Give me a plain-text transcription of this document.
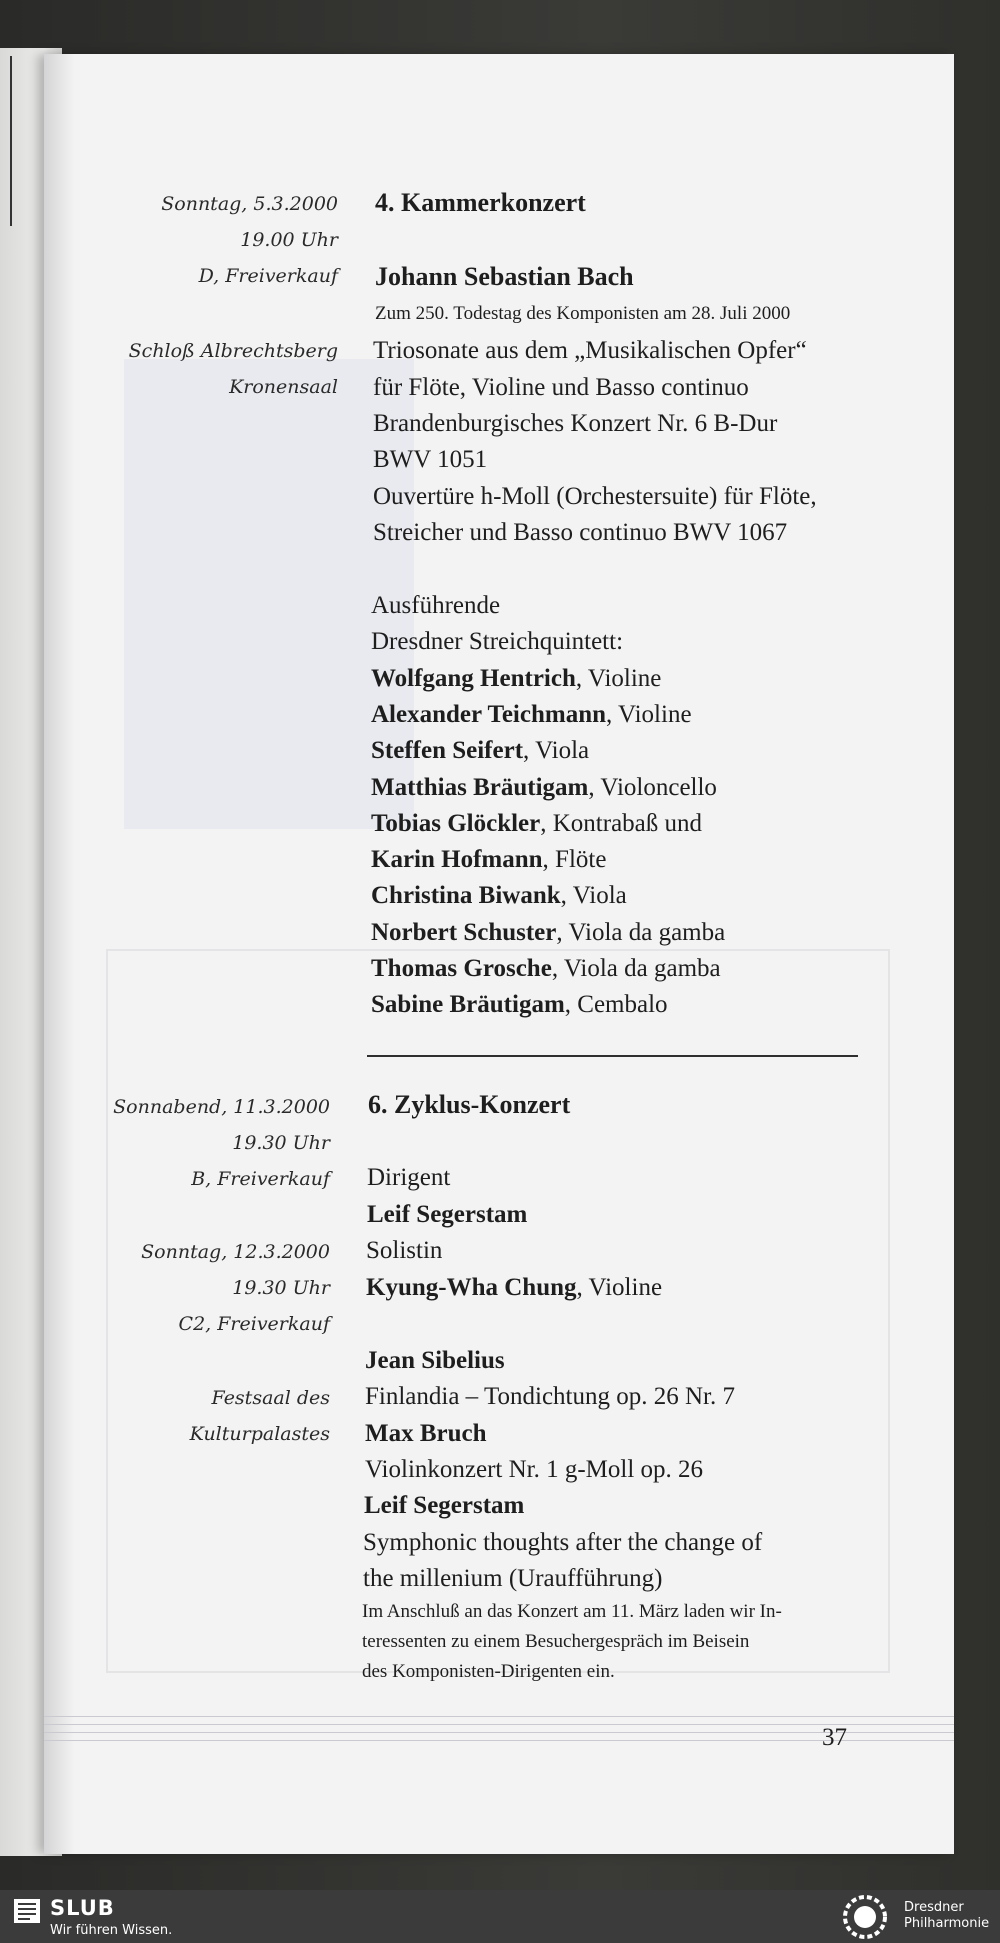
Sonntag, 5.3.2000
19.00 Uhr
D, Freiverkauf
Schloß Albrechtsberg
Kronensaal
4. Kammerkonzert
Johann Sebastian Bach
Zum 250. Todestag des Komponisten am 28. Juli 2000
Triosonate aus dem „Musikalischen Opfer“
für Flöte, Violine und Basso continuo
Brandenburgisches Konzert Nr. 6 B-Dur
BWV 1051
Ouvertüre h-Moll (Orchestersuite) für Flöte,
Streicher und Basso continuo BWV 1067
Ausführende
Dresdner Streichquintett:
Wolfgang Hentrich, Violine
Alexander Teichmann, Violine
Steffen Seifert, Viola
Matthias Bräutigam, Violoncello
Tobias Glöckler, Kontrabaß und
Karin Hofmann, Flöte
Christina Biwank, Viola
Norbert Schuster, Viola da gamba
Thomas Grosche, Viola da gamba
Sabine Bräutigam, Cembalo
Sonnabend, 11.3.2000
19.30 Uhr
B, Freiverkauf
Sonntag, 12.3.2000
19.30 Uhr
C2, Freiverkauf
Festsaal des
Kulturpalastes
6. Zyklus-Konzert
Dirigent
Leif Segerstam
Solistin
Kyung-Wha Chung, Violine
Jean Sibelius
Finlandia – Tondichtung op. 26 Nr. 7
Max Bruch
Violinkonzert Nr. 1 g-Moll op. 26
Leif Segerstam
Symphonic thoughts after the change of
the millenium (Uraufführung)
Im Anschluß an das Konzert am 11. März laden wir In-
teressenten zu einem Besuchergespräch im Beisein
des Komponisten-Dirigenten ein.
37
SLUB
Wir führen Wissen.
Dresdner
Philharmonie
